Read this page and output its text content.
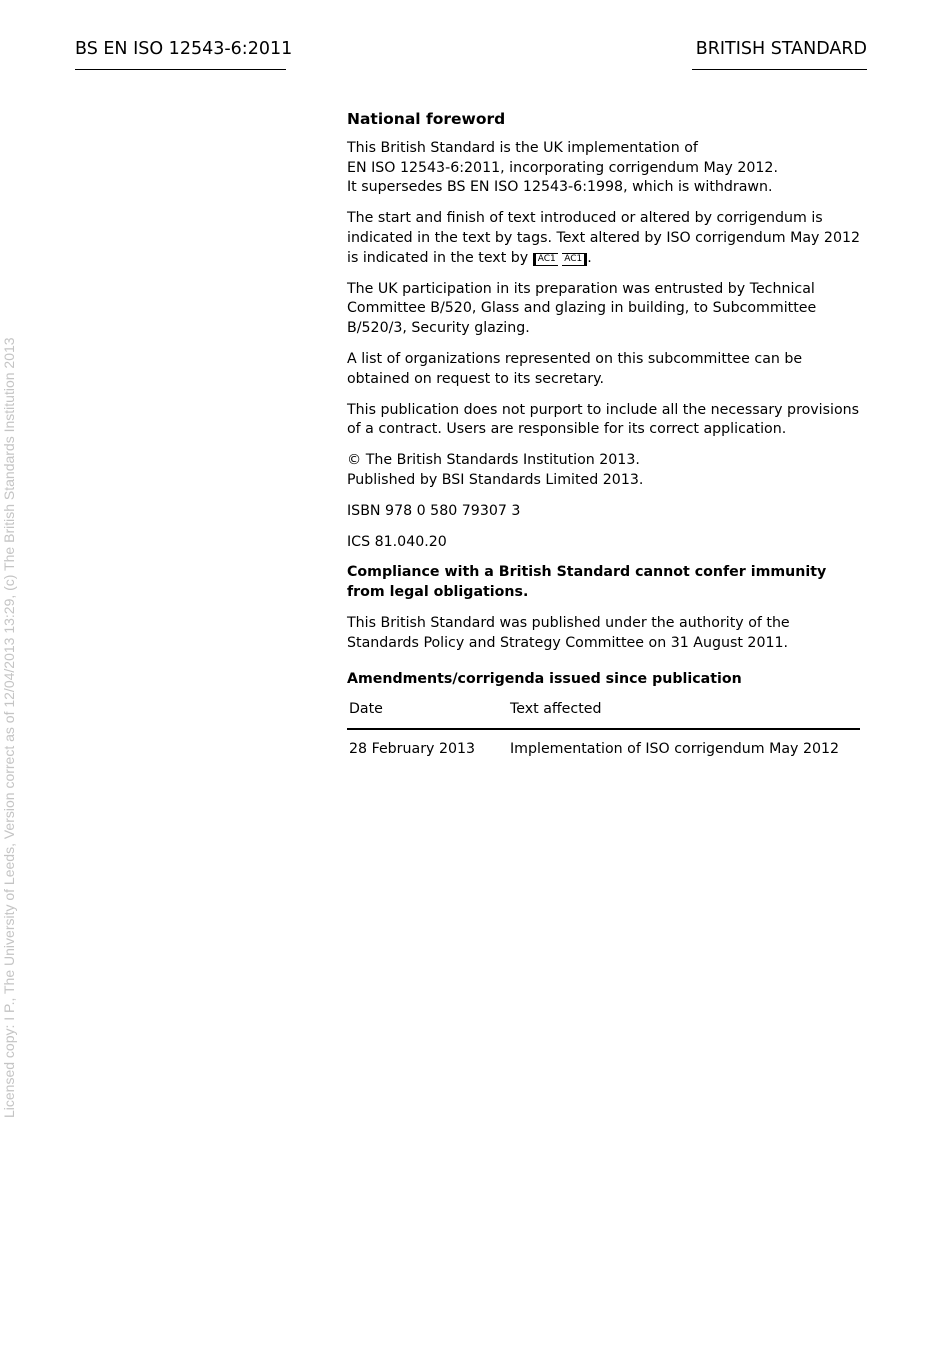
BS EN ISO 12543-6:2011	BRITISH STANDARD
Licensed copy: I P., The University of Leeds, Version correct as of 12/04/2013 13:29, (c) The British Standards Institution 2013

National foreword

This British Standard is the UK implementation of
EN ISO 12543-6:2011, incorporating corrigendum May 2012.
It supersedes BS EN ISO 12543-6:1998, which is withdrawn.

The start and finish of text introduced or altered by corrigendum is indicated in the text by tags. Text altered by ISO corrigendum May 2012 is indicated in the text by AC1 AC1 .

The UK participation in its preparation was entrusted by Technical Committee B/520, Glass and glazing in building, to Subcommittee B/520/3, Security glazing.

A list of organizations represented on this subcommittee can be obtained on request to its secretary.

This publication does not purport to include all the necessary provisions of a contract. Users are responsible for its correct application.

© The British Standards Institution 2013.
Published by BSI Standards Limited 2013.

ISBN 978 0 580 79307 3

ICS 81.040.20

Compliance with a British Standard cannot confer immunity
from legal obligations.

This British Standard was published under the authority of the
Standards Policy and Strategy Committee on 31 August 2011.

Amendments/corrigenda issued since publication
Date	Text affected
28 February 2013	Implementation of ISO corrigendum May 2012
